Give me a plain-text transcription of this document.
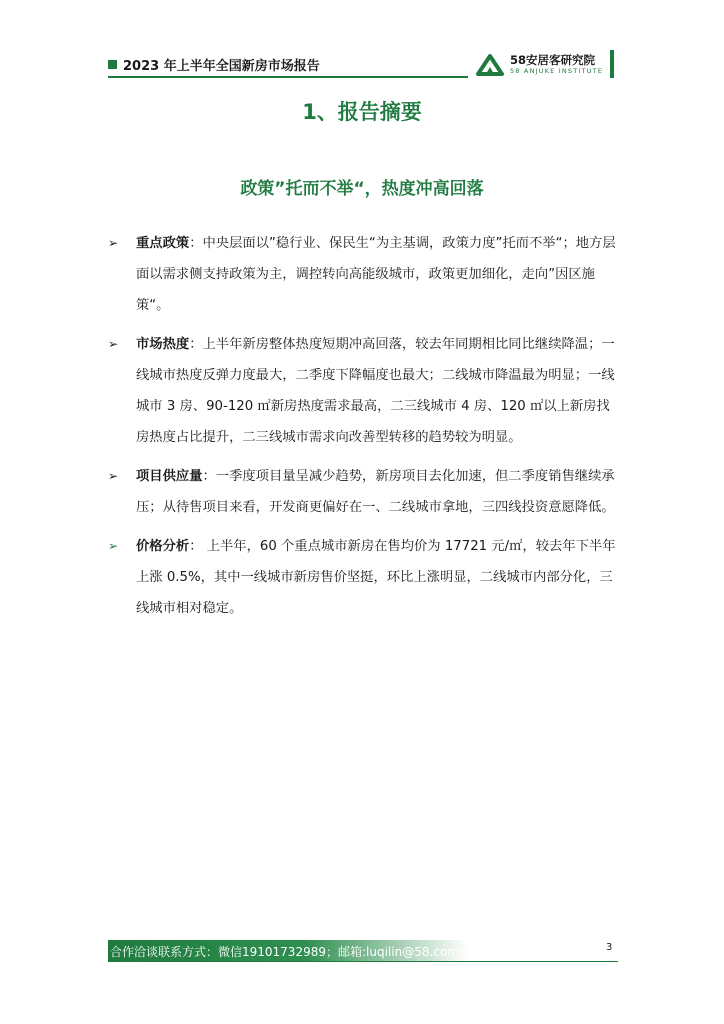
2023 年上半年全国新房市场报告	58安居客研究院
58 ANJUKE INSTITUTE
1、报告摘要
政策”托而不举“，热度冲高回落
➢ 重点政策：中央层面以”稳行业、保民生“为主基调，政策力度”托而不举“；地方层面以需求侧支持政策为主，调控转向高能级城市，政策更加细化，走向”因区施策“。
➢ 市场热度：上半年新房整体热度短期冲高回落，较去年同期相比同比继续降温；一线城市热度反弹力度最大，二季度下降幅度也最大；二线城市降温最为明显；一线城市 3 房、90-120 ㎡新房热度需求最高，二三线城市 4 房、120 ㎡以上新房找房热度占比提升，二三线城市需求向改善型转移的趋势较为明显。
➢ 项目供应量：一季度项目量呈减少趋势，新房项目去化加速，但二季度销售继续承压；从待售项目来看，开发商更偏好在一、二线城市拿地，三四线投资意愿降低。
➢ 价格分析： 上半年，60 个重点城市新房在售均价为 17721 元/㎡，较去年下半年上涨 0.5%，其中一线城市新房售价坚挺，环比上涨明显，二线城市内部分化，三线城市相对稳定。
合作洽谈联系方式：微信19101732989；邮箱:luqilin@58.com;	3
